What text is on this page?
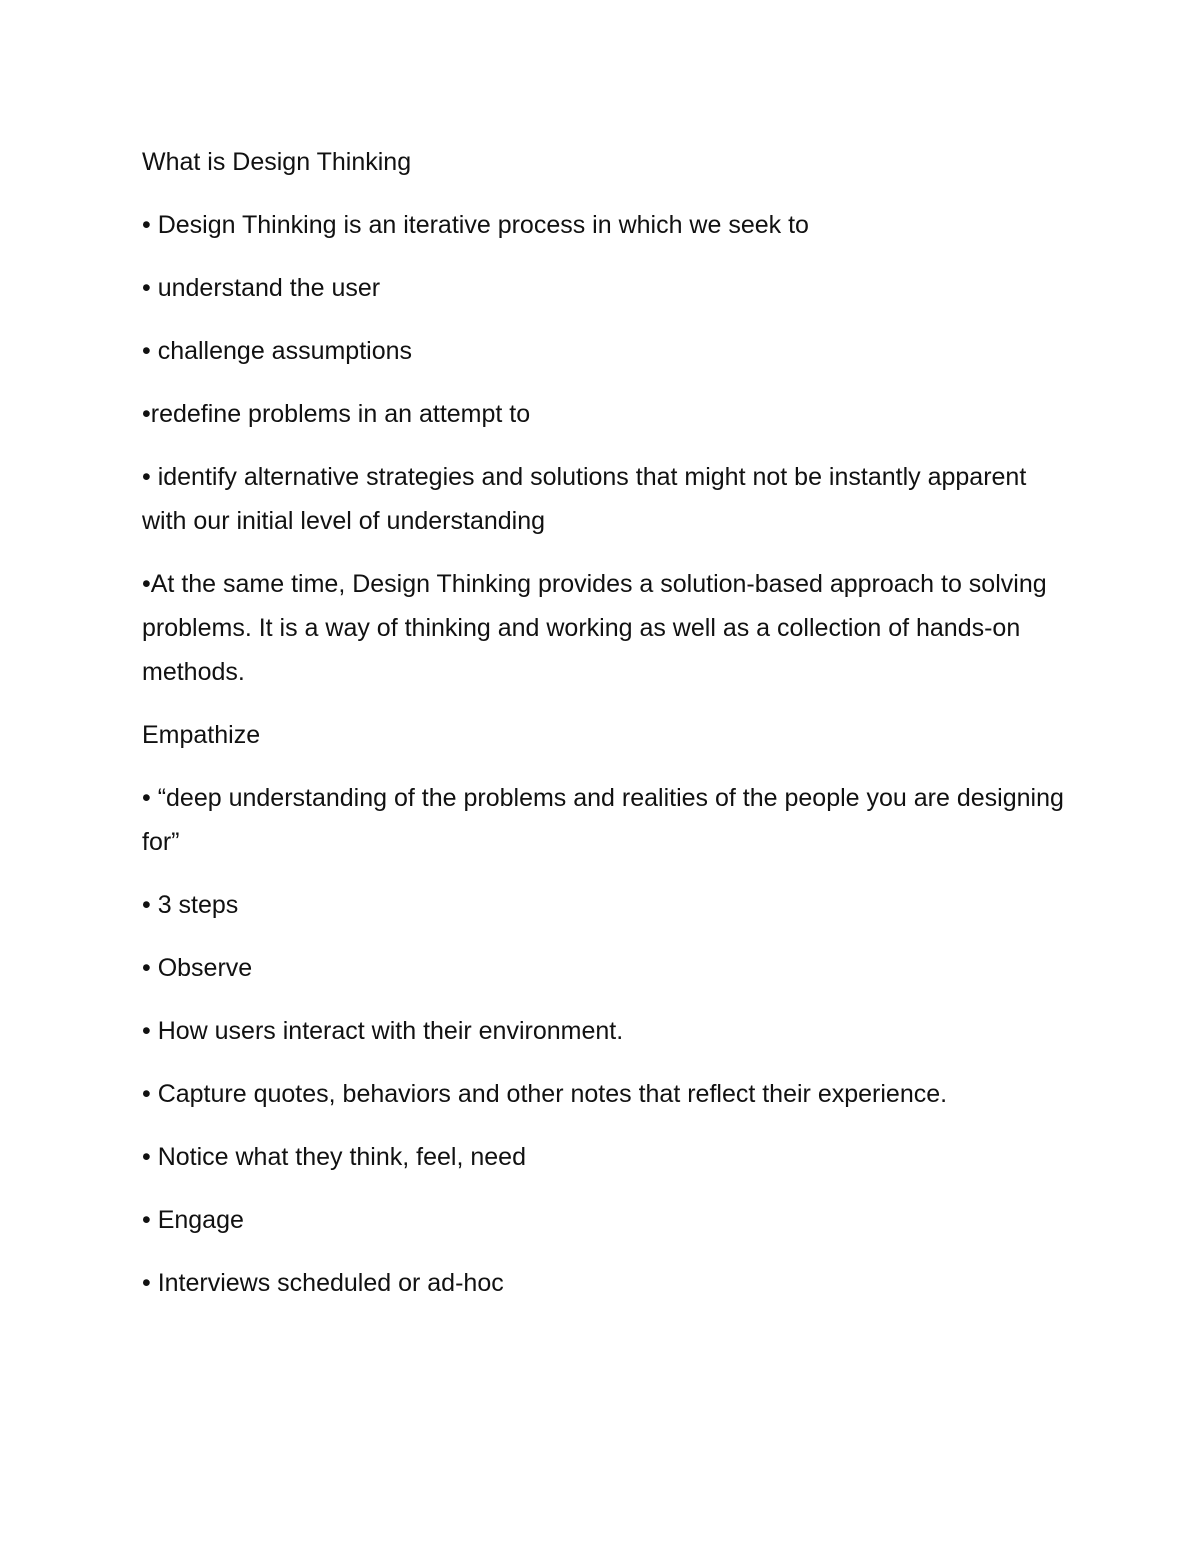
What is Design Thinking

• Design Thinking is an iterative process in which we seek to

• understand the user

• challenge assumptions

•redefine problems in an attempt to

• identify alternative strategies and solutions that might not be instantly apparent with our initial level of understanding

•At the same time, Design Thinking provides a solution-based approach to solving problems. It is a way of thinking and working as well as a collection of hands-on methods.

Empathize

• “deep understanding of the problems and realities of the people you are designing for”

• 3 steps

• Observe

• How users interact with their environment.

• Capture quotes, behaviors and other notes that reflect their experience.

• Notice what they think, feel, need

• Engage

• Interviews scheduled or ad-hoc
